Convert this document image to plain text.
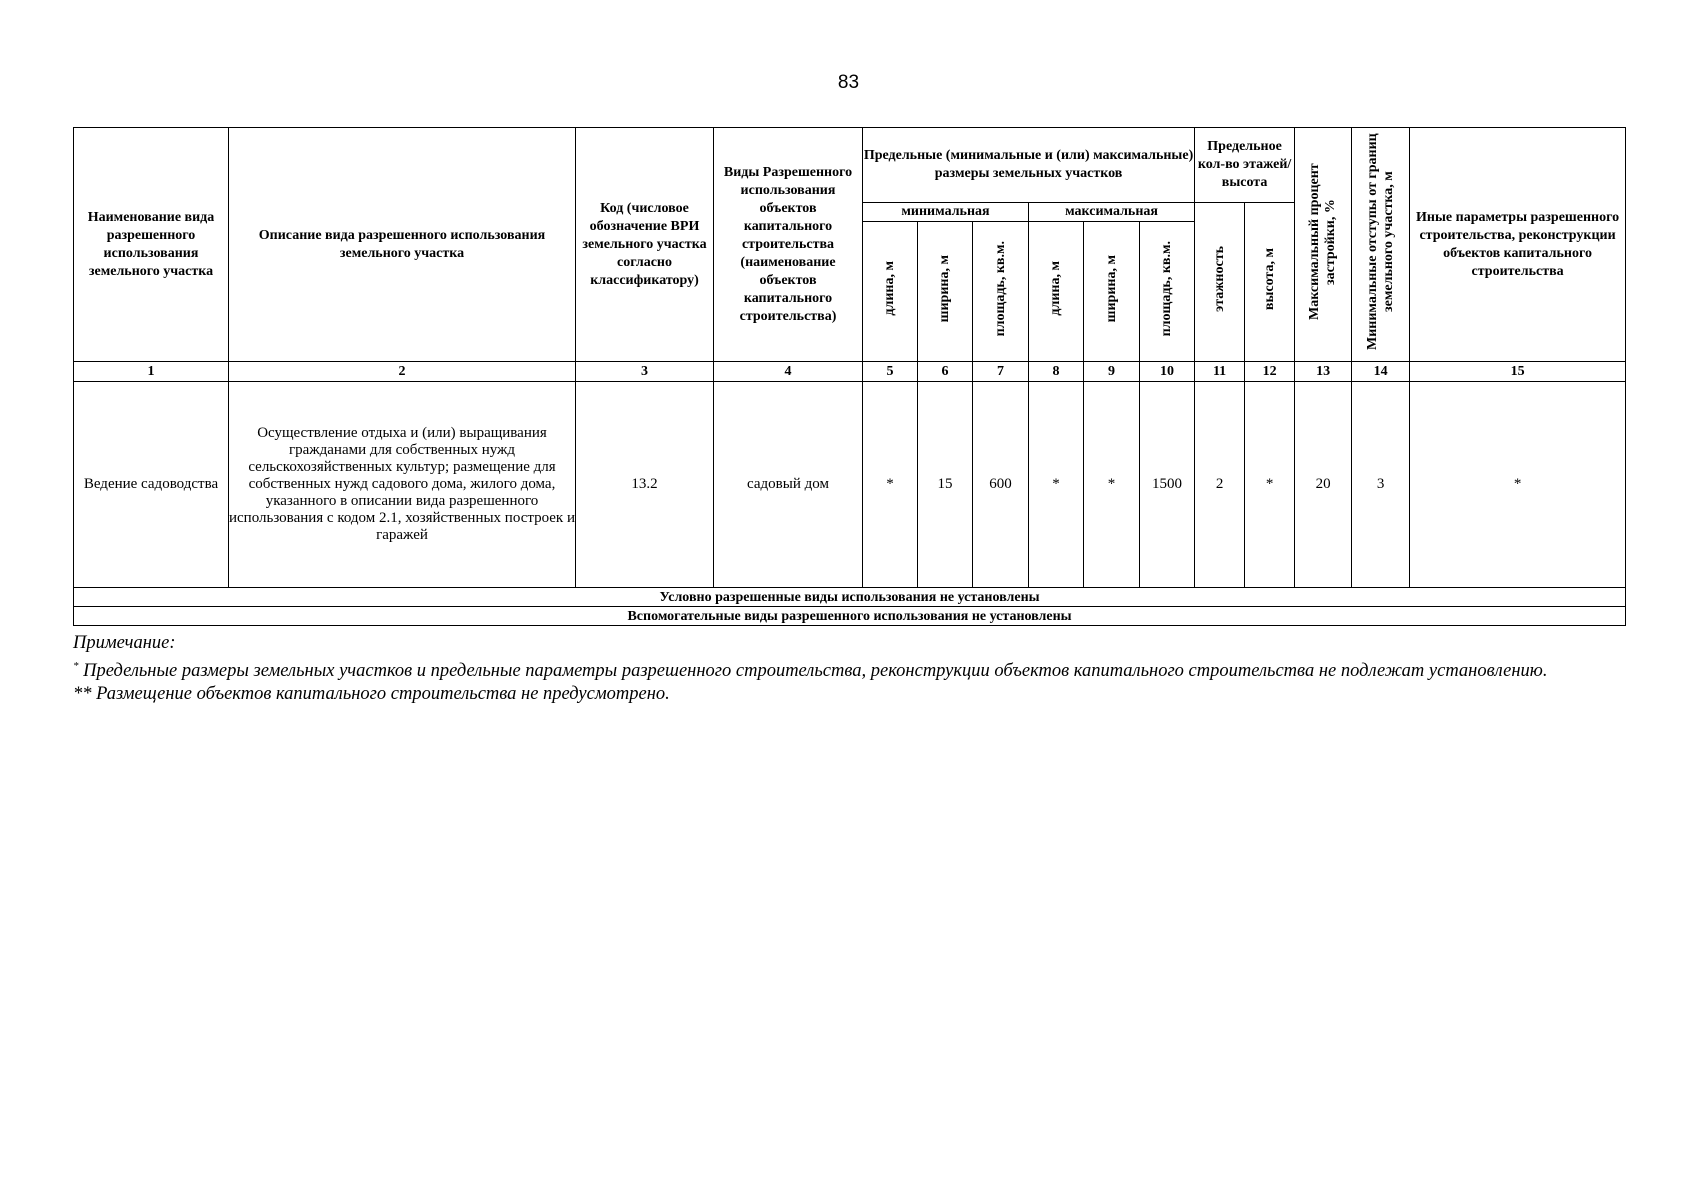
83
Наименование вида разрешенного использования земельного участка	Описание вида разрешенного использования земельного участка	Код (числовое обозначение ВРИ земельного участка согласно классификатору)	Виды Разрешенного использования объектов капитального строительства (наименование объектов капитального строительства)	Предельные (минимальные и (или) максимальные) размеры земельных участков						Предельное кол-во этажей/ высота		Максимальный процент застройки, %	Минимальные отступы от границ земельного участка, м	Иные параметры разрешенного строительства, реконструкции объектов капитального строительства
				минимальная			максимальная			этажность	высота, м			
				длина, м	ширина, м	площадь, кв.м.	длина, м	ширина, м	площадь, кв.м.					
1	2	3	4	5	6	7	8	9	10	11	12	13	14	15
Ведение садоводства	Осуществление отдыха и (или) выращивания гражданами для собственных нужд сельскохозяйственных культур; размещение для собственных нужд садового дома, жилого дома, указанного в описании вида разрешенного использования с кодом 2.1, хозяйственных построек и гаражей	13.2	садовый дом	*	15	600	*	*	1500	2	*	20	3	*
Условно разрешенные виды использования не установлены														
Вспомогательные виды разрешенного использования не установлены														

Примечание:

* Предельные размеры земельных участков и предельные параметры разрешенного строительства, реконструкции объектов капитального строительства не подлежат установлению.

** Размещение объектов капитального строительства не предусмотрено.
